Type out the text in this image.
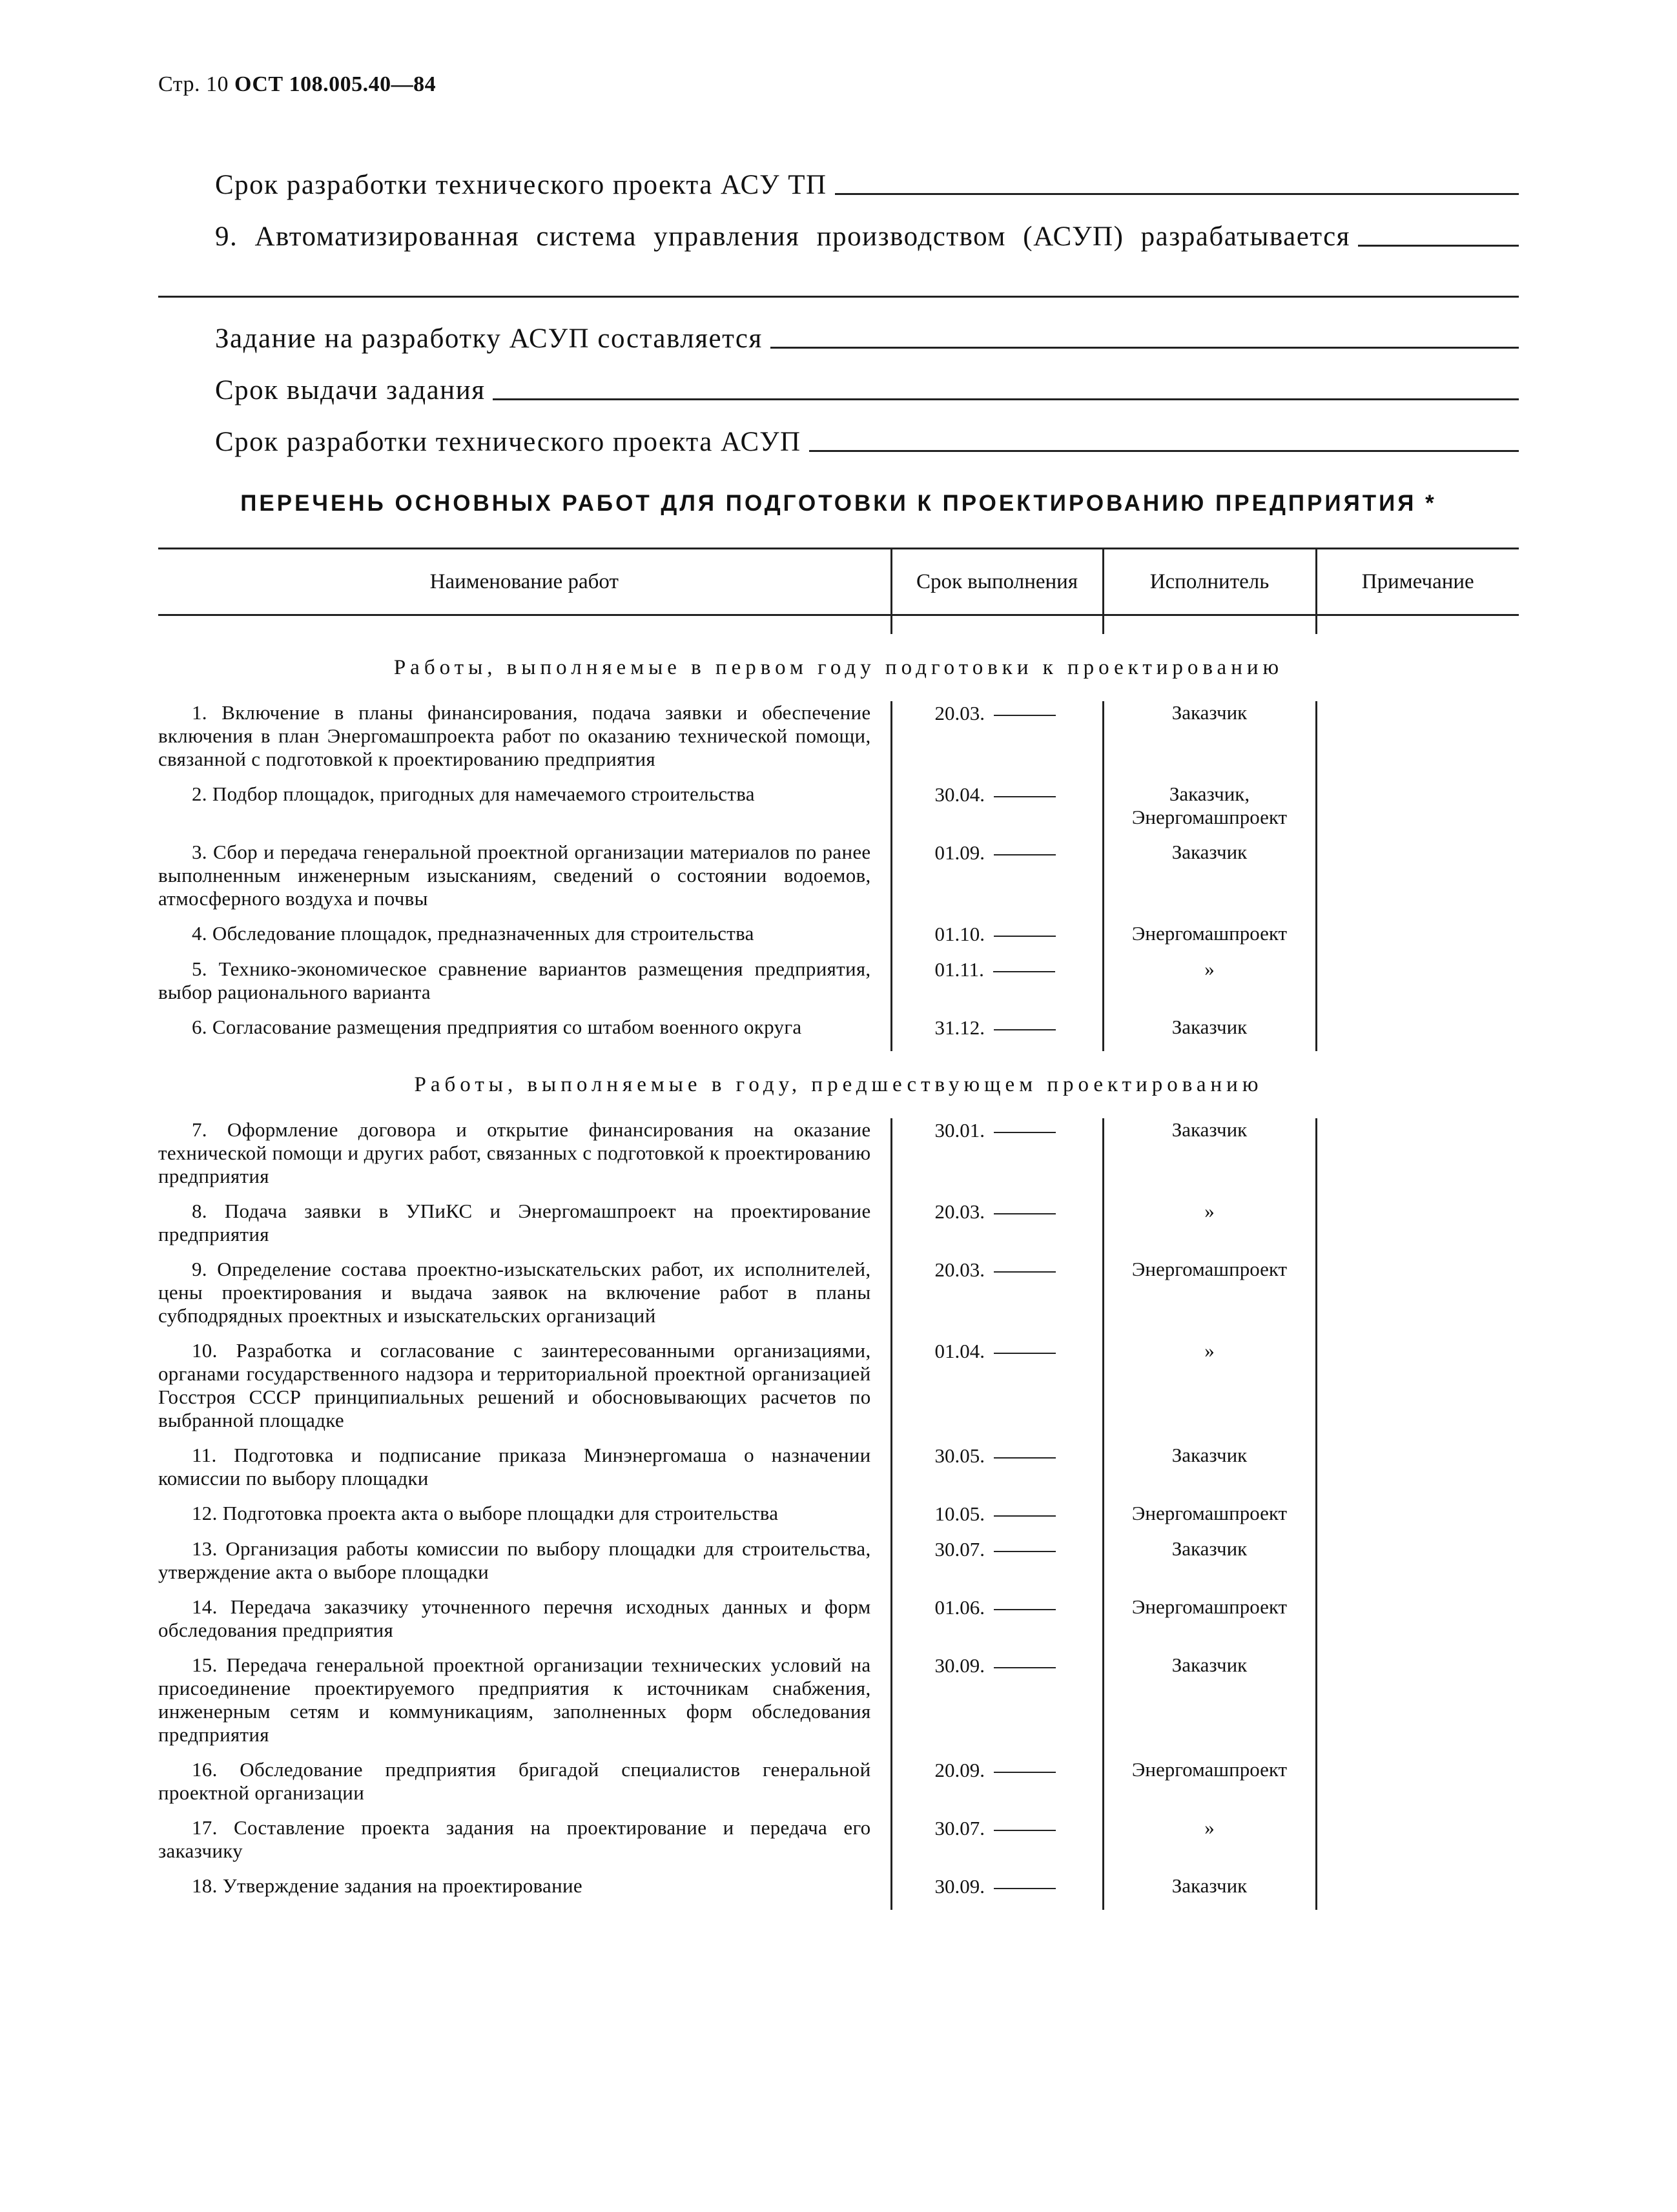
Стр. 10 ОСТ 108.005.40—84
Срок разработки технического проекта АСУ ТП
9. Автоматизированная система управления производством (АСУП) разрабатывается
Задание на разработку АСУП составляется
Срок выдачи задания
Срок разработки технического проекта АСУП
ПЕРЕЧЕНЬ ОСНОВНЫХ РАБОТ ДЛЯ ПОДГОТОВКИ К ПРОЕКТИРОВАНИЮ ПРЕДПРИЯТИЯ *
Наименование работ	Срок выполнения	Исполнитель	Примечание

Работы, выполняемые в первом году подготовки к проектированию			
1. Включение в планы финансирования, подача заявки и обеспечение включения в план Энергомашпроекта работ по оказанию технической помощи, связанной с подготовкой к проектированию предприятия	20.03.	Заказчик	
2. Подбор площадок, пригодных для намечаемого строительства	30.04.	Заказчик, Энергомашпроект	
3. Сбор и передача генеральной проектной организации материалов по ранее выполненным инженерным изысканиям, сведений о состоянии водоемов, атмосферного воздуха и почвы	01.09.	Заказчик	
4. Обследование площадок, предназначенных для строительства	01.10.	Энергомашпроект	
5. Технико-экономическое сравнение вариантов размещения предприятия, выбор рационального варианта	01.11.	»	
6. Согласование размещения предприятия со штабом военного округа	31.12.	Заказчик	
Работы, выполняемые в году, предшествующем проектированию			
7. Оформление договора и открытие финансирования на оказание технической помощи и других работ, связанных с подготовкой к проектированию предприятия	30.01.	Заказчик	
8. Подача заявки в УПиКС и Энергомашпроект на проектирование предприятия	20.03.	»	
9. Определение состава проектно-изыскательских работ, их исполнителей, цены проектирования и выдача заявок на включение работ в планы субподрядных проектных и изыскательских организаций	20.03.	Энергомашпроект	
10. Разработка и согласование с заинтересованными организациями, органами государственного надзора и территориальной проектной организацией Госстроя СССР принципиальных решений и обосновывающих расчетов по выбранной площадке	01.04.	»	
11. Подготовка и подписание приказа Минэнергомаша о назначении комиссии по выбору площадки	30.05.	Заказчик	
12. Подготовка проекта акта о выборе площадки для строительства	10.05.	Энергомашпроект	
13. Организация работы комиссии по выбору площадки для строительства, утверждение акта о выборе площадки	30.07.	Заказчик	
14. Передача заказчику уточненного перечня исходных данных и форм обследования предприятия	01.06.	Энергомашпроект	
15. Передача генеральной проектной организации технических условий на присоединение проектируемого предприятия к источникам снабжения, инженерным сетям и коммуникациям, заполненных форм обследования предприятия	30.09.	Заказчик	
16. Обследование предприятия бригадой специалистов генеральной проектной организации	20.09.	Энергомашпроект	
17. Составление проекта задания на проектирование и передача его заказчику	30.07.	»	
18. Утверждение задания на проектирование	30.09.	Заказчик	
